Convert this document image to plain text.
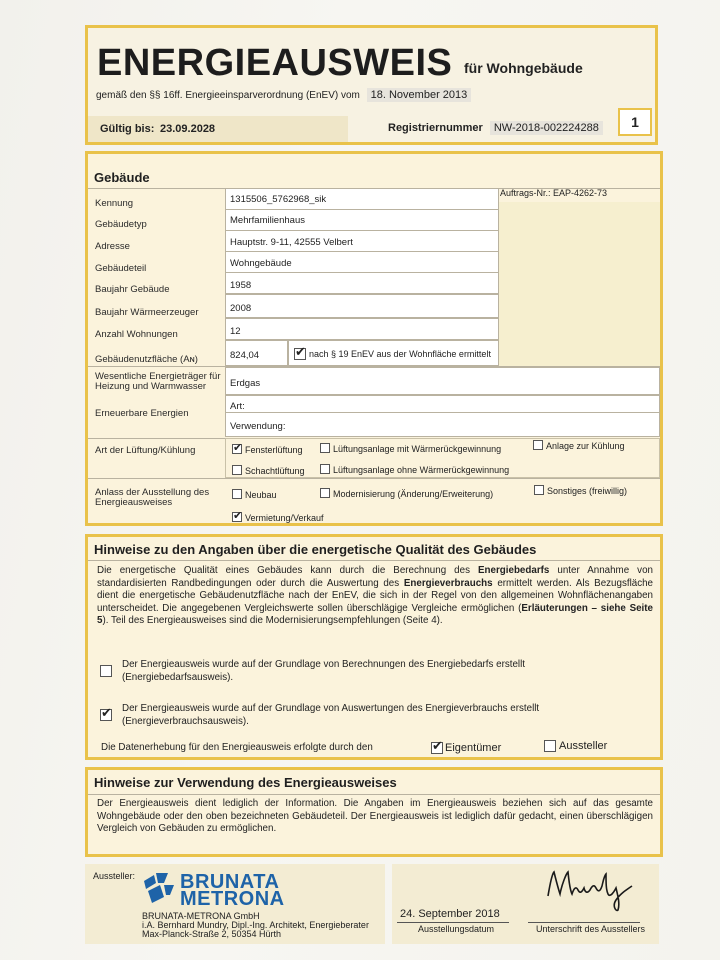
ENERGIEAUSWEIS für Wohngebäude
gemäß den §§ 16ff. Energieeinsparverordnung (EnEV) vom 18. November 2013
Gültig bis: 23.09.2028	Registriernummer NW-2018-002224288	1
Gebäude
Auftrags-Nr.: EAP-4262-73
Kennung	1315506_5762968_sik
Gebäudetyp	Mehrfamilienhaus
Adresse	Hauptstr. 9-11, 42555 Velbert
Gebäudeteil	Wohngebäude
Baujahr Gebäude	1958
Baujahr Wärmeerzeuger	2008
Anzahl Wohnungen	12
Gebäudenutzfläche (Aɴ)	824,04	✔ nach § 19 EnEV aus der Wohnfläche ermittelt
Wesentliche Energieträger für Heizung und Warmwasser	Erdgas
Erneuerbare Energien
Art:
Verwendung:
Art der Lüftung/Kühlung	✔ Fensterlüftung	Lüftungsanlage mit Wärmerückgewinnung	Anlage zur Kühlung
Schachtlüftung	Lüftungsanlage ohne Wärmerückgewinnung
Anlass der Ausstellung des Energieausweises
Neubau	Modernisierung (Änderung/Erweiterung)	Sonstiges (freiwillig)
✔ Vermietung/Verkauf
Hinweise zu den Angaben über die energetische Qualität des Gebäudes
Die energetische Qualität eines Gebäudes kann durch die Berechnung des Energiebedarfs unter Annahme von standardisierten Randbedingungen oder durch die Auswertung des Energieverbrauchs ermittelt werden. Als Bezugsfläche dient die energetische Gebäudenutzfläche nach der EnEV, die sich in der Regel von den allgemeinen Wohnflächenangaben unterscheidet. Die angegebenen Vergleichswerte sollen überschlägige Vergleiche ermöglichen (Erläuterungen – siehe Seite 5). Teil des Energieausweises sind die Modernisierungsempfehlungen (Seite 4).
Der Energieausweis wurde auf der Grundlage von Berechnungen des Energiebedarfs erstellt (Energiebedarfsausweis).
✔ Der Energieausweis wurde auf der Grundlage von Auswertungen des Energieverbrauchs erstellt (Energieverbrauchsausweis).
Die Datenerhebung für den Energieausweis erfolgte durch den	✔ Eigentümer	Aussteller
Hinweise zur Verwendung des Energieausweises
Der Energieausweis dient lediglich der Information. Die Angaben im Energieausweis beziehen sich auf das gesamte Wohngebäude oder den oben bezeichneten Gebäudeteil. Der Energieausweis ist lediglich dafür gedacht, einen überschlägigen Vergleich von Gebäuden zu ermöglichen.
Aussteller: BRUNATA
METRONA
BRUNATA-METRONA GmbH
i.A. Bernhard Mundry, Dipl.-Ing. Architekt, Energieberater
Max-Planck-Straße 2, 50354 Hürth
24. September 2018
Ausstellungsdatum	Unterschrift des Ausstellers
